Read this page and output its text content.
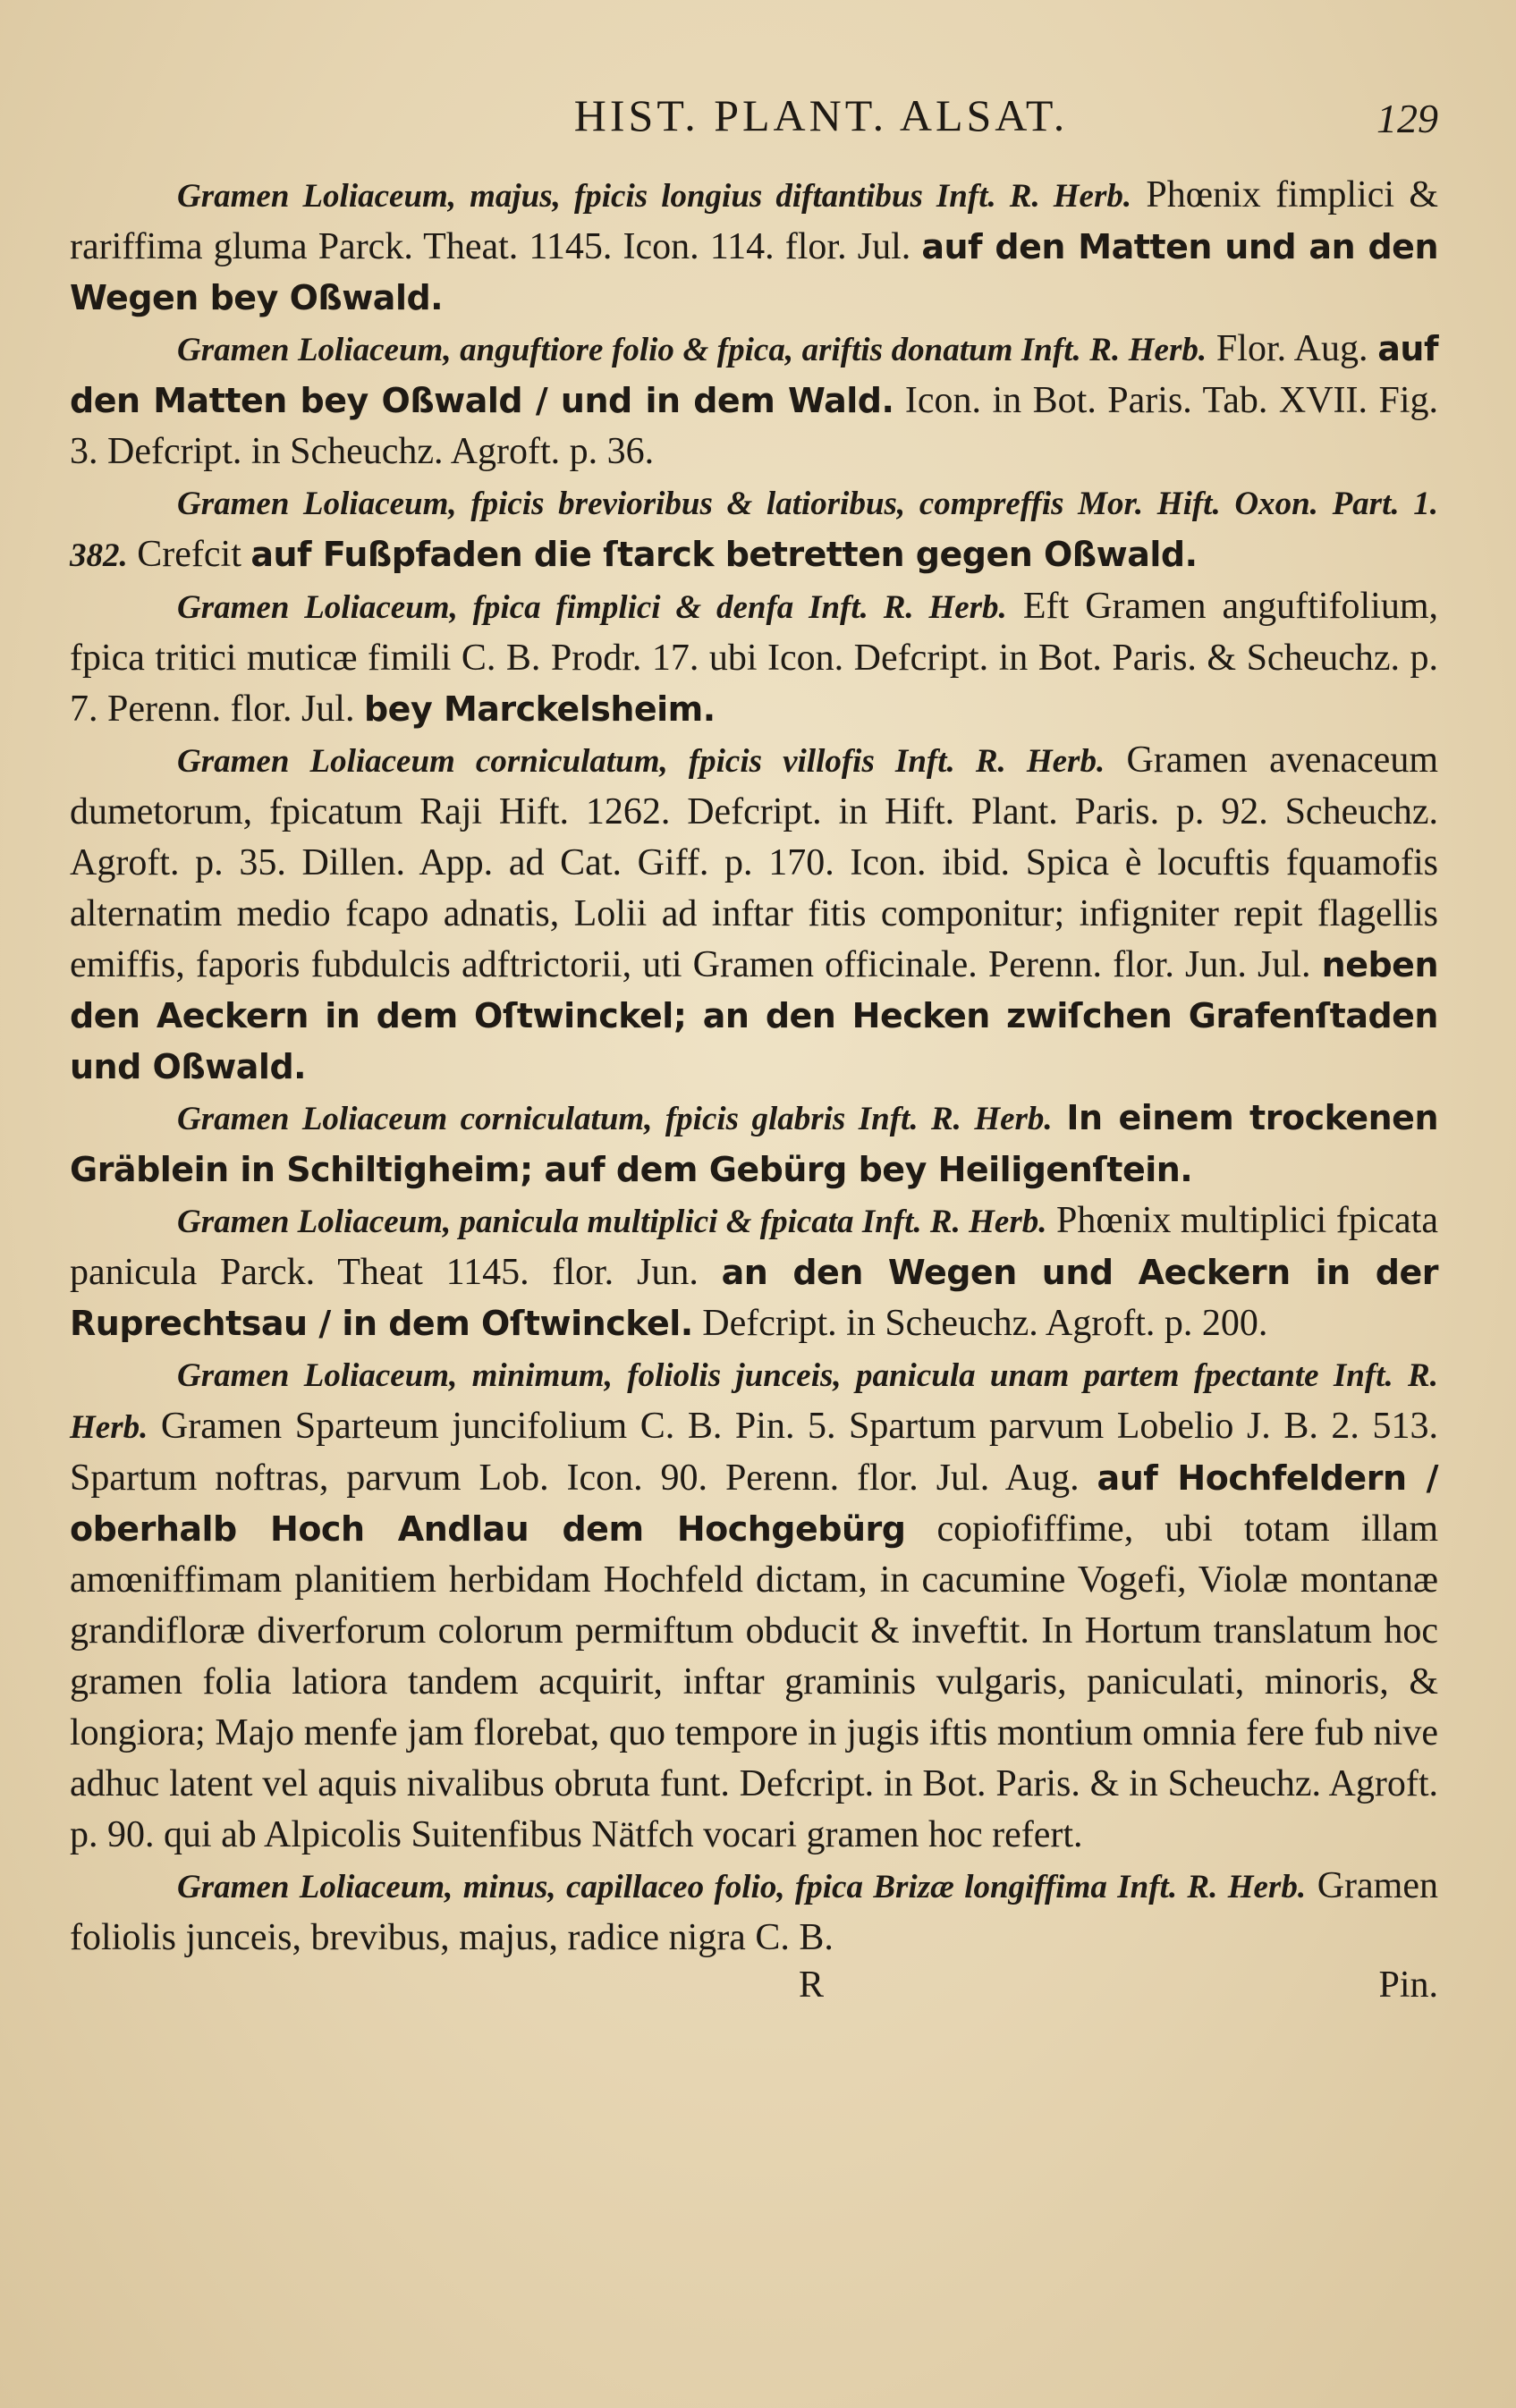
HIST. PLANT. ALSAT.	129

Gramen Loliaceum, majus, fpicis longius diftantibus Inft. R. Herb. Phœnix fimplici & rariffima gluma Parck. Theat. 1145. Icon. 114. flor. Jul. auf den Matten und an den Wegen bey Oßwald.

Gramen Loliaceum, anguftiore folio & fpica, ariftis donatum Inft. R. Herb. Flor. Aug. auf den Matten bey Oßwald / und in dem Wald. Icon. in Bot. Paris. Tab. XVII. Fig. 3. Defcript. in Scheuchz. Agroft. p. 36.

Gramen Loliaceum, fpicis brevioribus & latioribus, compreffis Mor. Hift. Oxon. Part. 1. 382. Crefcit auf Fußpfaden die ſtarck betretten gegen Oßwald.

Gramen Loliaceum, fpica fimplici & denfa Inft. R. Herb. Eft Gramen anguftifolium, fpica tritici muticæ fimili C. B. Prodr. 17. ubi Icon. Defcript. in Bot. Paris. & Scheuchz. p. 7. Perenn. flor. Jul. bey Marckelsheim.

Gramen Loliaceum corniculatum, fpicis villofis Inft. R. Herb. Gramen avenaceum dumetorum, fpicatum Raji Hift. 1262. Defcript. in Hift. Plant. Paris. p. 92. Scheuchz. Agroft. p. 35. Dillen. App. ad Cat. Giff. p. 170. Icon. ibid. Spica è locuftis fquamofis alternatim medio fcapo adnatis, Lolii ad inftar fitis componitur; infigniter repit flagellis emiffis, faporis fubdulcis adftrictorii, uti Gramen officinale. Perenn. flor. Jun. Jul. neben den Aeckern in dem Oſtwinckel; an den Hecken zwiſchen Grafenſtaden und Oßwald.

Gramen Loliaceum corniculatum, fpicis glabris Inft. R. Herb. In einem trockenen Gräblein in Schiltigheim; auf dem Gebürg bey Heiligenſtein.

Gramen Loliaceum, panicula multiplici & fpicata Inft. R. Herb. Phœnix multiplici fpicata panicula Parck. Theat 1145. flor. Jun. an den Wegen und Aeckern in der Ruprechtsau / in dem Oſtwinckel. Defcript. in Scheuchz. Agroft. p. 200.

Gramen Loliaceum, minimum, foliolis junceis, panicula unam partem fpectante Inft. R. Herb. Gramen Sparteum juncifolium C. B. Pin. 5. Spartum parvum Lobelio J. B. 2. 513. Spartum noftras, parvum Lob. Icon. 90. Perenn. flor. Jul. Aug. auf Hochfeldern / oberhalb Hoch Andlau dem Hochgebürg copiofiffime, ubi totam illam amœniffimam planitiem herbidam Hochfeld dictam, in cacumine Vogefi, Violæ montanæ grandifloræ diverforum colorum permiftum obducit & inveftit. In Hortum translatum hoc gramen folia latiora tandem acquirit, inftar graminis vulgaris, paniculati, minoris, & longiora; Majo menfe jam florebat, quo tempore in jugis iftis montium omnia fere fub nive adhuc latent vel aquis nivalibus obruta funt. Defcript. in Bot. Paris. & in Scheuchz. Agroft. p. 90. qui ab Alpicolis Suitenfibus Nätfch vocari gramen hoc refert.

Gramen Loliaceum, minus, capillaceo folio, fpica Brizæ longiffima Inft. R. Herb. Gramen foliolis junceis, brevibus, majus, radice nigra C. B.

R	Pin.
